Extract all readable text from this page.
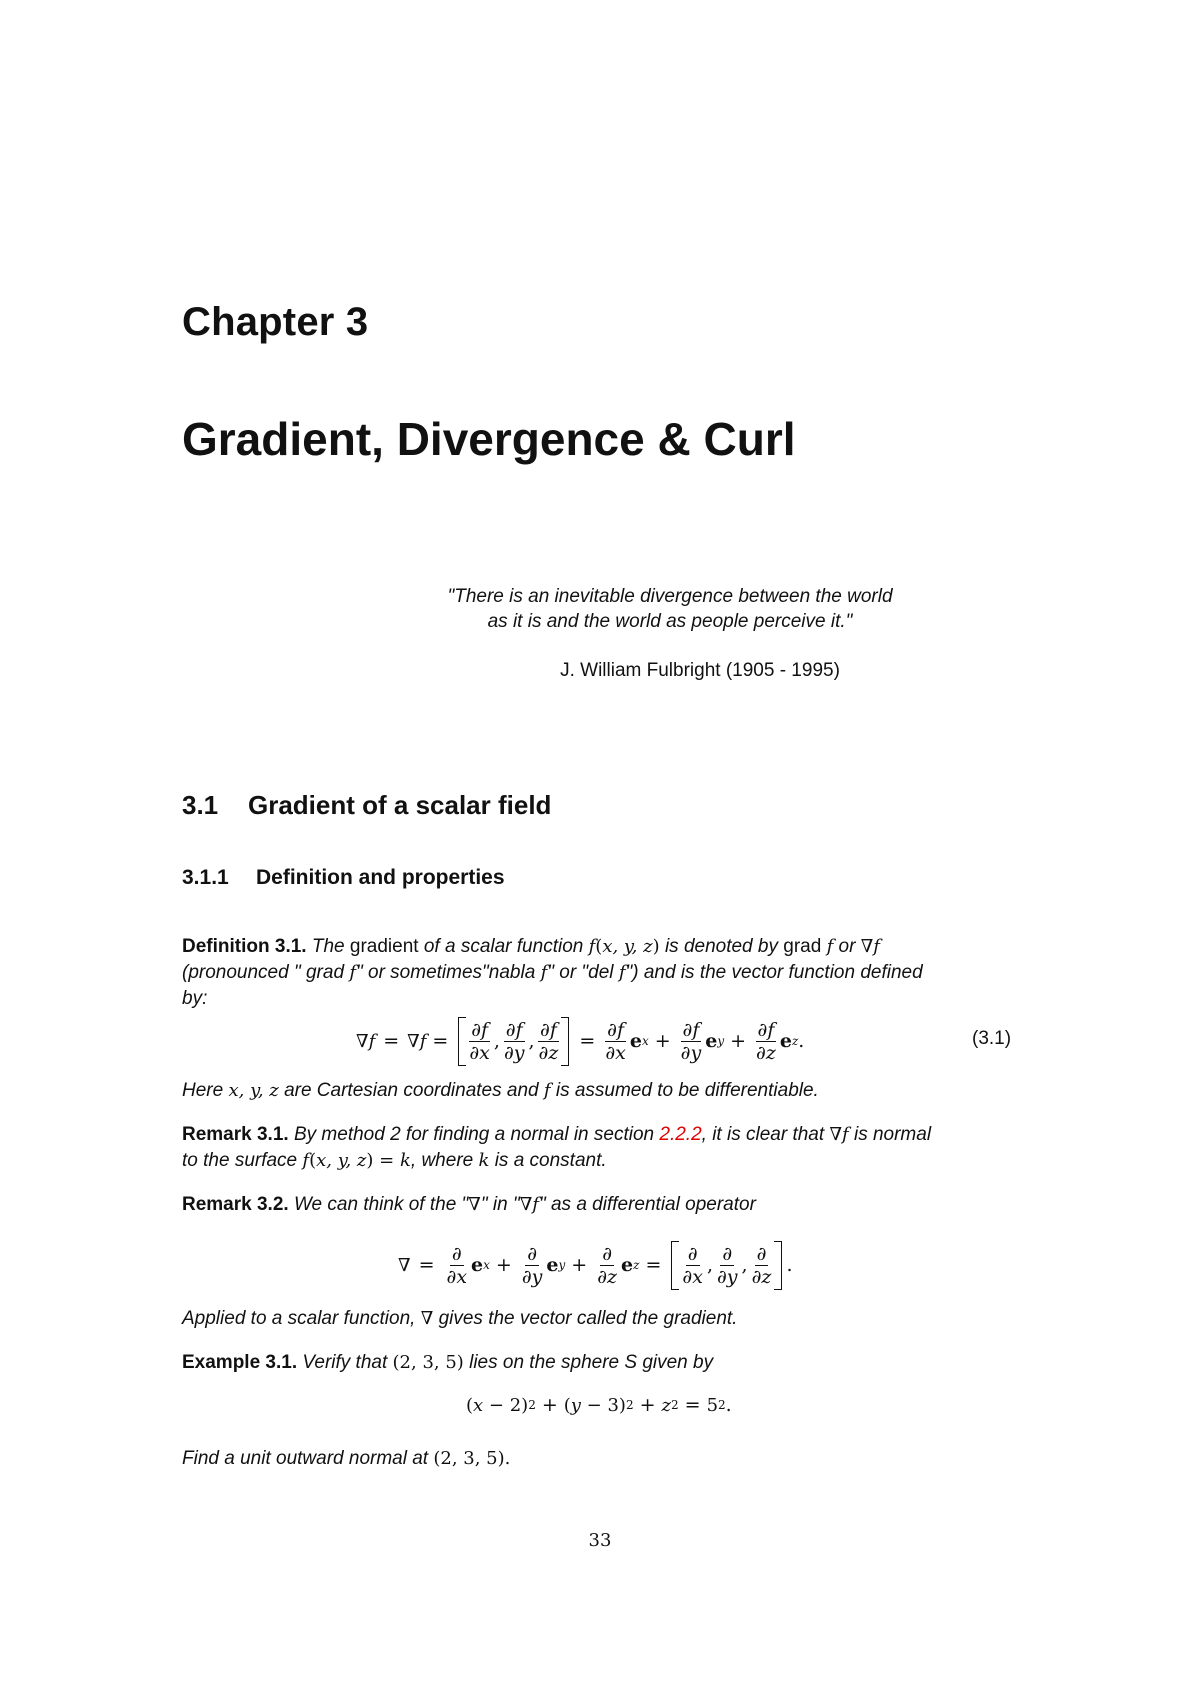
Chapter 3
Gradient, Divergence & Curl
"There is an inevitable divergence between the world
as it is and the world as people perceive it."
J. William Fulbright (1905 - 1995)
3.1 Gradient of a scalar field
3.1.1 Definition and properties
Definition 3.1. The gradient of a scalar function f(x, y, z) is denoted by grad f or ∇f
(pronounced " grad f" or sometimes"nabla f" or "del f") and is the vector function defined
by:
∇ f = ∇ $f = \frac{\partial f}{\partial x}$ , $\frac{\partial f}{\partial y}$ , $\frac{\partial f}{\partial z} = \frac{\partial f}{\partial x}$ e $x + \frac{\partial f}{\partial y}$ e $y + \frac{\partial f}{\partial z}$ e z .	(3.1)
Here x, y, z are Cartesian coordinates and f is assumed to be differentiable.
Remark 3.1. By method 2 for finding a normal in section 2.2.2, it is clear that ∇f is normal
to the surface f(x, y, z) = k, where k is a constant.
Remark 3.2. We can think of the "∇" in "∇f" as a differential operator
∇ = $\frac{\partial}{\partial x}$ e $x + \frac{\partial}{\partial y}$ e $y + \frac{\partial}{\partial z}$ e $z = \frac{\partial}{\partial x}$ , $\frac{\partial}{\partial y}$ , $\frac{\partial}{\partial z}$ .
Applied to a scalar function, ∇ gives the vector called the gradient.
Example 3.1. Verify that (2, 3, 5) lies on the sphere S given by
( x − 2) 2 + ( y − 3) 2 + z 2 = 5 2 .
Find a unit outward normal at (2, 3, 5).
33
